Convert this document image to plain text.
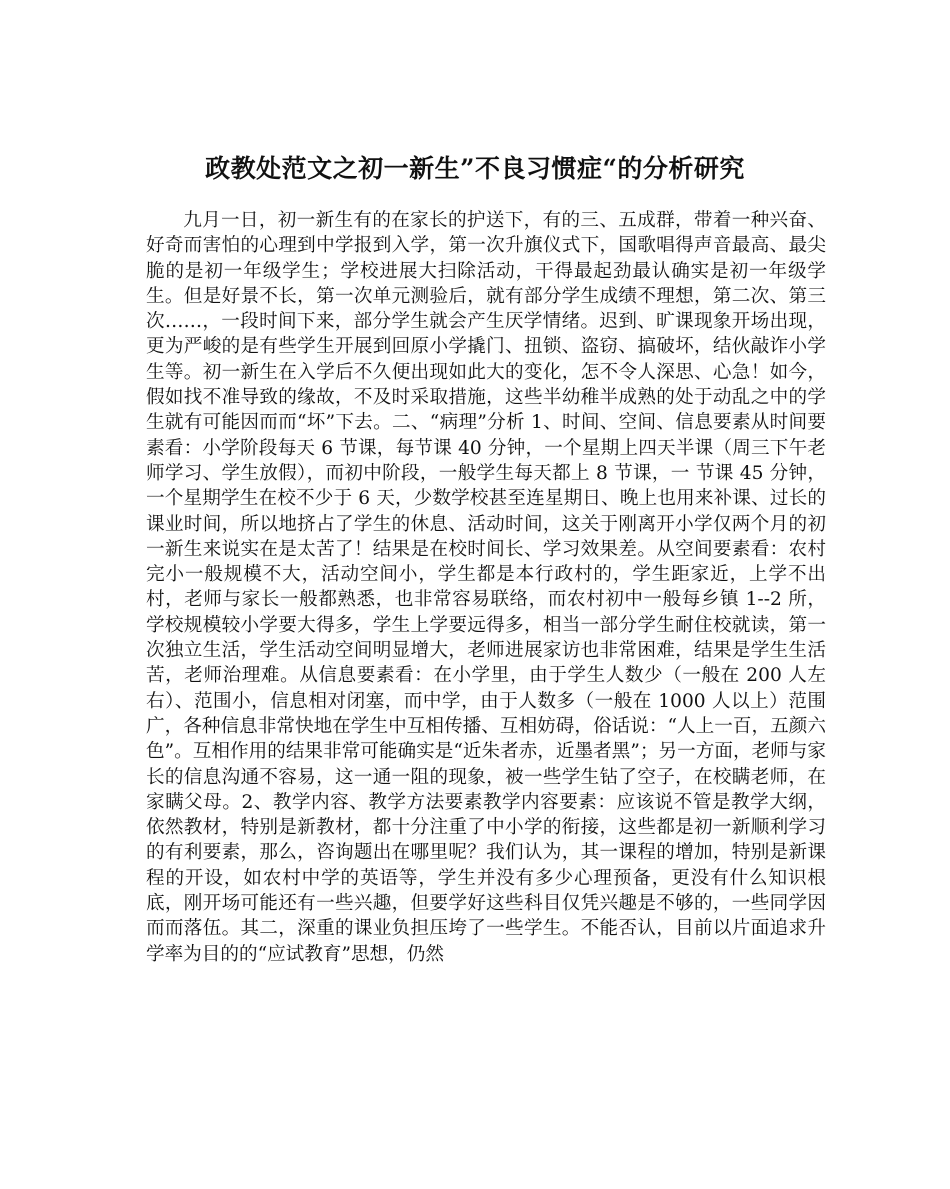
政教处范文之初一新生”不良习惯症“的分析研究

九月一日，初一新生有的在家长的护送下，有的三、五成群，带着一种兴奋、好奇而害怕的心理到中学报到入学，第一次升旗仪式下，国歌唱得声音最高、最尖脆的是初一年级学生；学校进展大扫除活动，干得最起劲最认确实是初一年级学生。但是好景不长，第一次单元测验后，就有部分学生成绩不理想，第二次、第三次……，一段时间下来，部分学生就会产生厌学情绪。迟到、旷课现象开场出现，更为严峻的是有些学生开展到回原小学撬门、扭锁、盗窃、搞破坏，结伙敲诈小学生等。初一新生在入学后不久便出现如此大的变化，怎不令人深思、心急！如今，假如找不准导致的缘故，不及时采取措施，这些半幼稚半成熟的处于动乱之中的学生就有可能因而而“坏”下去。二、“病理”分析 1、时间、空间、信息要素从时间要素看：小学阶段每天 6 节课，每节课 40 分钟，一个星期上四天半课（周三下午老师学习、学生放假），而初中阶段，一般学生每天都上 8 节课，一 节课 45 分钟，一个星期学生在校不少于 6 天，少数学校甚至连星期日、晚上也用来补课、过长的课业时间，所以地挤占了学生的休息、活动时间，这关于刚离开小学仅两个月的初一新生来说实在是太苦了！结果是在校时间长、学习效果差。从空间要素看：农村完小一般规模不大，活动空间小，学生都是本行政村的，学生距家近，上学不出村，老师与家长一般都熟悉，也非常容易联络，而农村初中一般每乡镇 1--2 所，学校规模较小学要大得多，学生上学要远得多，相当一部分学生耐住校就读，第一次独立生活，学生活动空间明显增大，老师进展家访也非常困难，结果是学生生活苦，老师治理难。从信息要素看：在小学里，由于学生人数少（一般在 200 人左右）、范围小，信息相对闭塞，而中学，由于人数多（一般在 1000 人以上）范围广，各种信息非常快地在学生中互相传播、互相妨碍，俗话说：“人上一百，五颜六色”。互相作用的结果非常可能确实是“近朱者赤，近墨者黑”；另一方面，老师与家长的信息沟通不容易，这一通一阻的现象，被一些学生钻了空子，在校瞒老师，在家瞒父母。2、教学内容、教学方法要素教学内容要素：应该说不管是教学大纲，依然教材，特别是新教材，都十分注重了中小学的衔接，这些都是初一新顺利学习的有利要素，那么，咨询题出在哪里呢？我们认为，其一课程的增加，特别是新课程的开设，如农村中学的英语等，学生并没有多少心理预备，更没有什么知识根底，刚开场可能还有一些兴趣，但要学好这些科目仅凭兴趣是不够的，一些同学因而而落伍。其二，深重的课业负担压垮了一些学生。不能否认，目前以片面追求升学率为目的的“应试教育”思想，仍然
